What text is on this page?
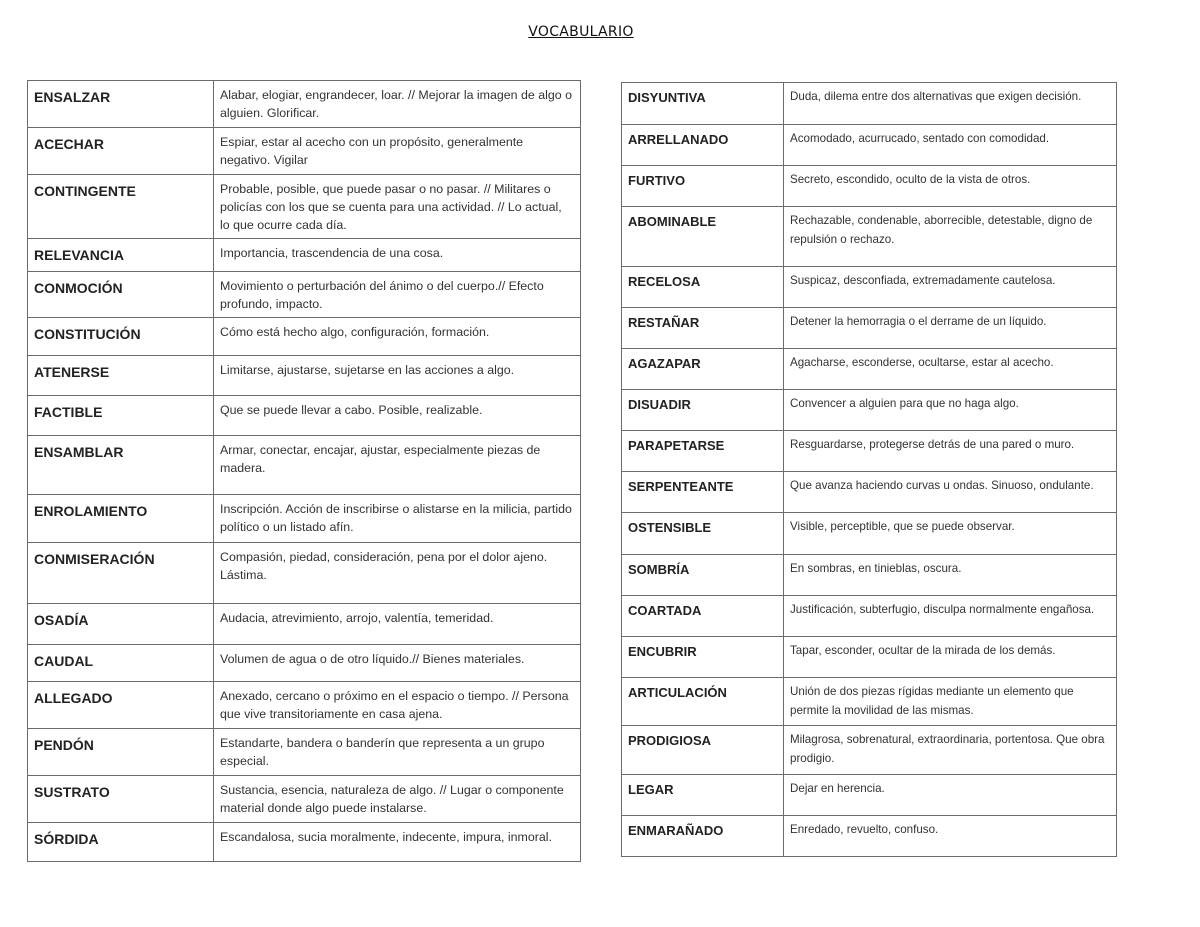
VOCABULARIO
ENSALZAR	Alabar, elogiar, engrandecer, loar. // Mejorar la imagen de algo o alguien. Glorificar.
ACECHAR	Espiar, estar al acecho con un propósito, generalmente negativo. Vigilar
CONTINGENTE	Probable, posible, que puede pasar o no pasar. // Militares o policías con los que se cuenta para una actividad. // Lo actual, lo que ocurre cada día.
RELEVANCIA	Importancia, trascendencia de una cosa.
CONMOCIÓN	Movimiento o perturbación del ánimo o del cuerpo.// Efecto profundo, impacto.
CONSTITUCIÓN	Cómo está hecho algo, configuración, formación.
ATENERSE	Limitarse, ajustarse, sujetarse en las acciones a algo.
FACTIBLE	Que se puede llevar a cabo. Posible, realizable.
ENSAMBLAR	Armar, conectar, encajar, ajustar, especialmente piezas de madera.
ENROLAMIENTO	Inscripción. Acción de inscribirse o alistarse en la milicia, partido político o un listado afín.
CONMISERACIÓN	Compasión, piedad, consideración, pena por el dolor ajeno. Lástima.
OSADÍA	Audacia, atrevimiento, arrojo, valentía, temeridad.
CAUDAL	Volumen de agua o de otro líquido.// Bienes materiales.
ALLEGADO	Anexado, cercano o próximo en el espacio o tiempo. // Persona que vive transitoriamente en casa ajena.
PENDÓN	Estandarte, bandera o banderín que representa a un grupo especial.
SUSTRATO	Sustancia, esencia, naturaleza de algo. // Lugar o componente material donde algo puede instalarse.
SÓRDIDA	Escandalosa, sucia moralmente, indecente, impura, inmoral.
DISYUNTIVA	Duda, dilema entre dos alternativas que exigen decisión.
ARRELLANADO	Acomodado, acurrucado, sentado con comodidad.
FURTIVO	Secreto, escondido, oculto de la vista de otros.
ABOMINABLE	Rechazable, condenable, aborrecible, detestable, digno de repulsión o rechazo.
RECELOSA	Suspicaz, desconfiada, extremadamente cautelosa.
RESTAÑAR	Detener la hemorragia o el derrame de un líquido.
AGAZAPAR	Agacharse, esconderse, ocultarse, estar al acecho.
DISUADIR	Convencer a alguien para que no haga algo.
PARAPETARSE	Resguardarse, protegerse detrás de una pared o muro.
SERPENTEANTE	Que avanza haciendo curvas u ondas. Sinuoso, ondulante.
OSTENSIBLE	Visible, perceptible, que se puede observar.
SOMBRÍA	En sombras, en tinieblas, oscura.
COARTADA	Justificación, subterfugio, disculpa normalmente engañosa.
ENCUBRIR	Tapar, esconder, ocultar de la mirada de los demás.
ARTICULACIÓN	Unión de dos piezas rígidas mediante un elemento que permite la movilidad de las mismas.
PRODIGIOSA	Milagrosa, sobrenatural, extraordinaria, portentosa. Que obra prodigio.
LEGAR	Dejar en herencia.
ENMARAÑADO	Enredado, revuelto, confuso.
